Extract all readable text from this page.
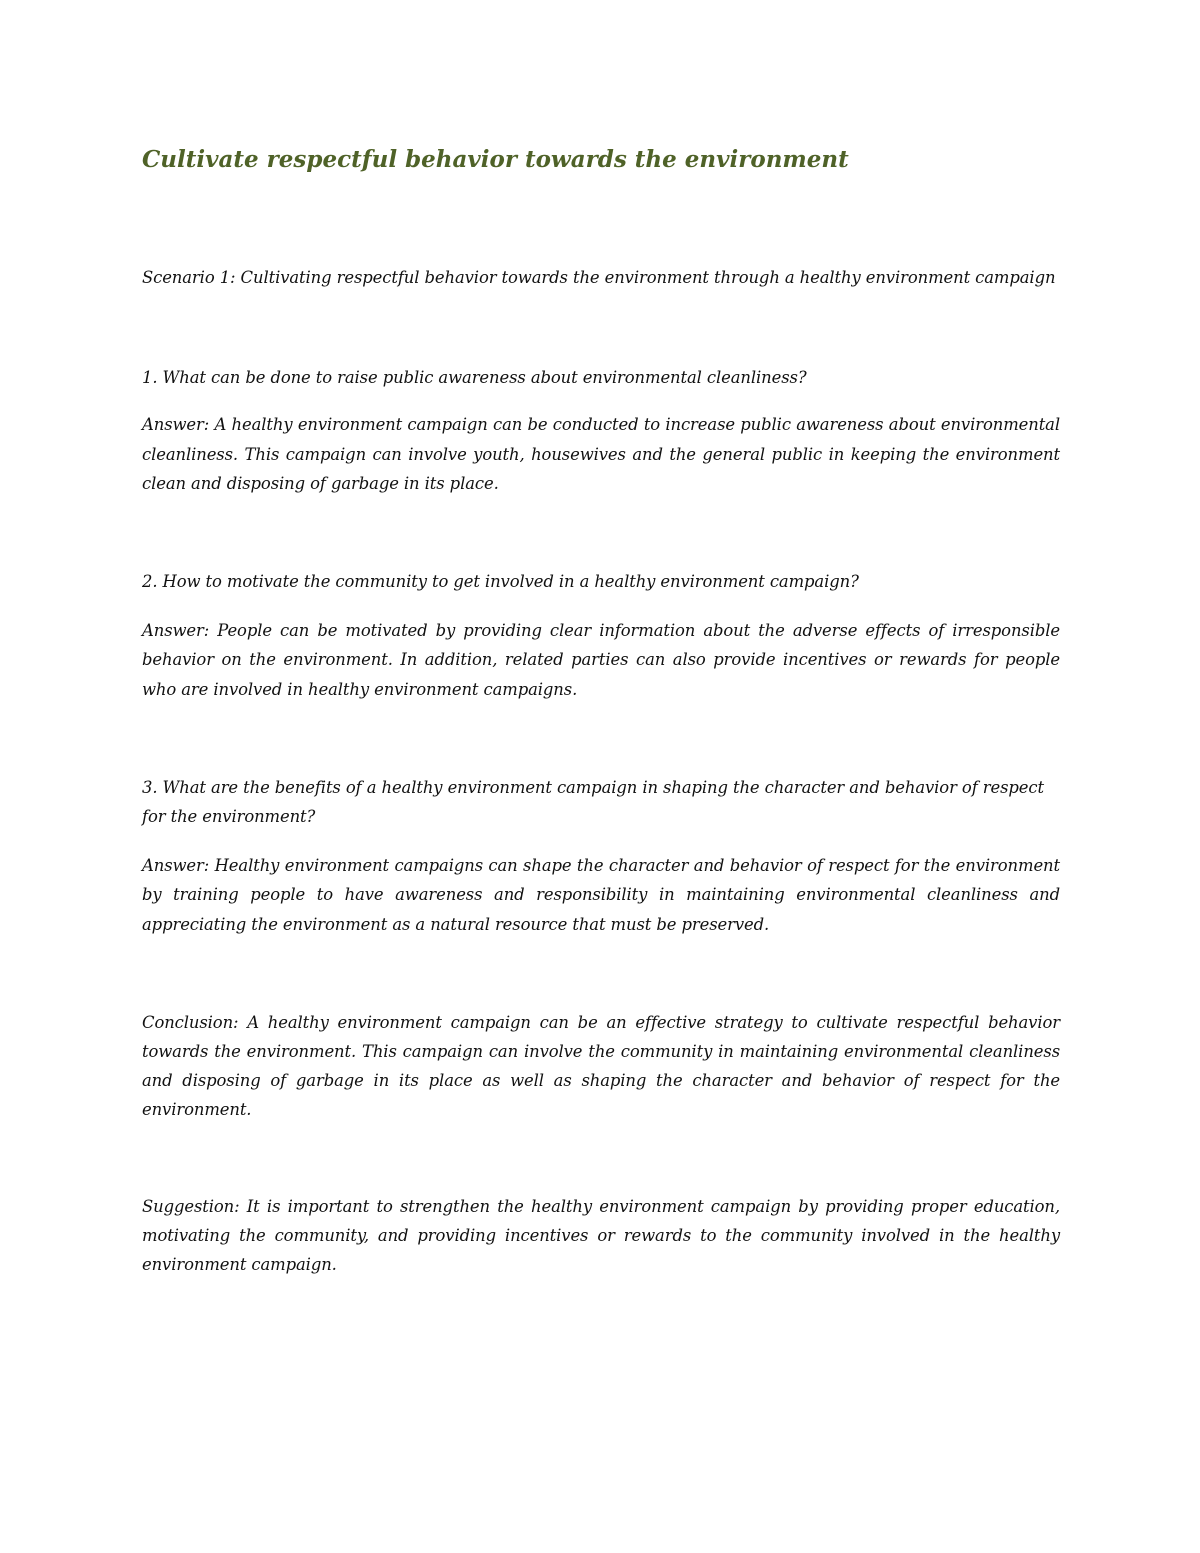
Cultivate respectful behavior towards the environment

Scenario 1: Cultivating respectful behavior towards the environment through a healthy environment campaign

1. What can be done to raise public awareness about environmental cleanliness?

Answer: A healthy environment campaign can be conducted to increase public awareness about environmental cleanliness. This campaign can involve youth, housewives and the general public in keeping the environment clean and disposing of garbage in its place.

2. How to motivate the community to get involved in a healthy environment campaign?

Answer: People can be motivated by providing clear information about the adverse effects of irresponsible behavior on the environment. In addition, related parties can also provide incentives or rewards for people who are involved in healthy environment campaigns.

3. What are the benefits of a healthy environment campaign in shaping the character and behavior of respect for the environment?

Answer: Healthy environment campaigns can shape the character and behavior of respect for the environment by training people to have awareness and responsibility in maintaining environmental cleanliness and appreciating the environment as a natural resource that must be preserved.

Conclusion: A healthy environment campaign can be an effective strategy to cultivate respectful behavior towards the environment. This campaign can involve the community in maintaining environmental cleanliness and disposing of garbage in its place as well as shaping the character and behavior of respect for the environment.

Suggestion: It is important to strengthen the healthy environment campaign by providing proper education, motivating the community, and providing incentives or rewards to the community involved in the healthy environment campaign.
